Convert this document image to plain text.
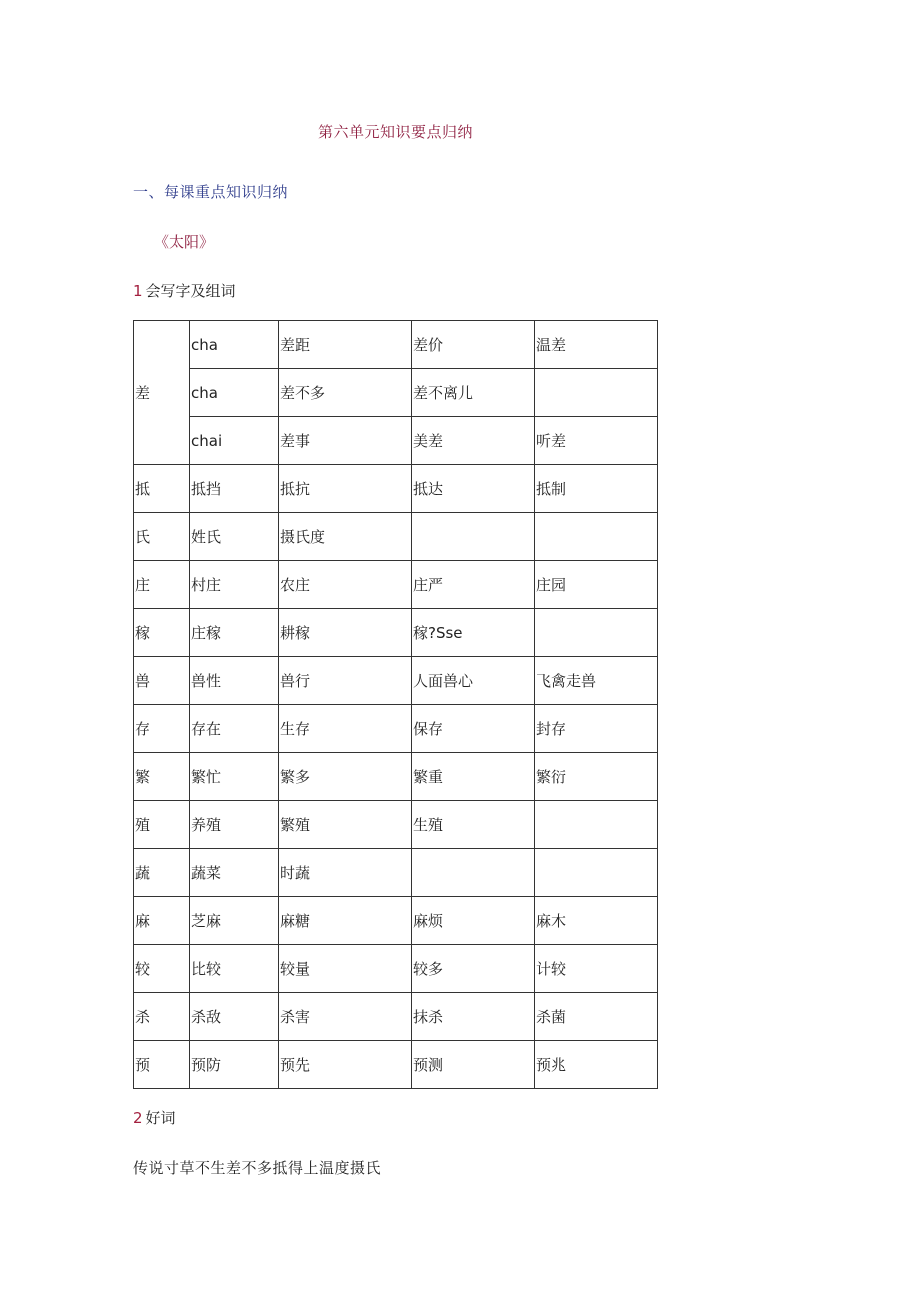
第六单元知识要点归纳
一、每课重点知识归纳
《太阳》
1 会写字及组词
差	cha	差距	差价	温差
	cha	差不多	差不离儿	
	chai	差事	美差	听差
抵	抵挡	抵抗	抵达	抵制
氏	姓氏	摄氏度		
庄	村庄	农庄	庄严	庄园
稼	庄稼	耕稼	稼?Sse	
兽	兽性	兽行	人面兽心	飞禽走兽
存	存在	生存	保存	封存
繁	繁忙	繁多	繁重	繁衍
殖	养殖	繁殖	生殖	
蔬	蔬菜	时蔬		
麻	芝麻	麻糖	麻烦	麻木
较	比较	较量	较多	计较
杀	杀敌	杀害	抹杀	杀菌
预	预防	预先	预测	预兆
2 好词
传说寸草不生差不多抵得上温度摄氏
